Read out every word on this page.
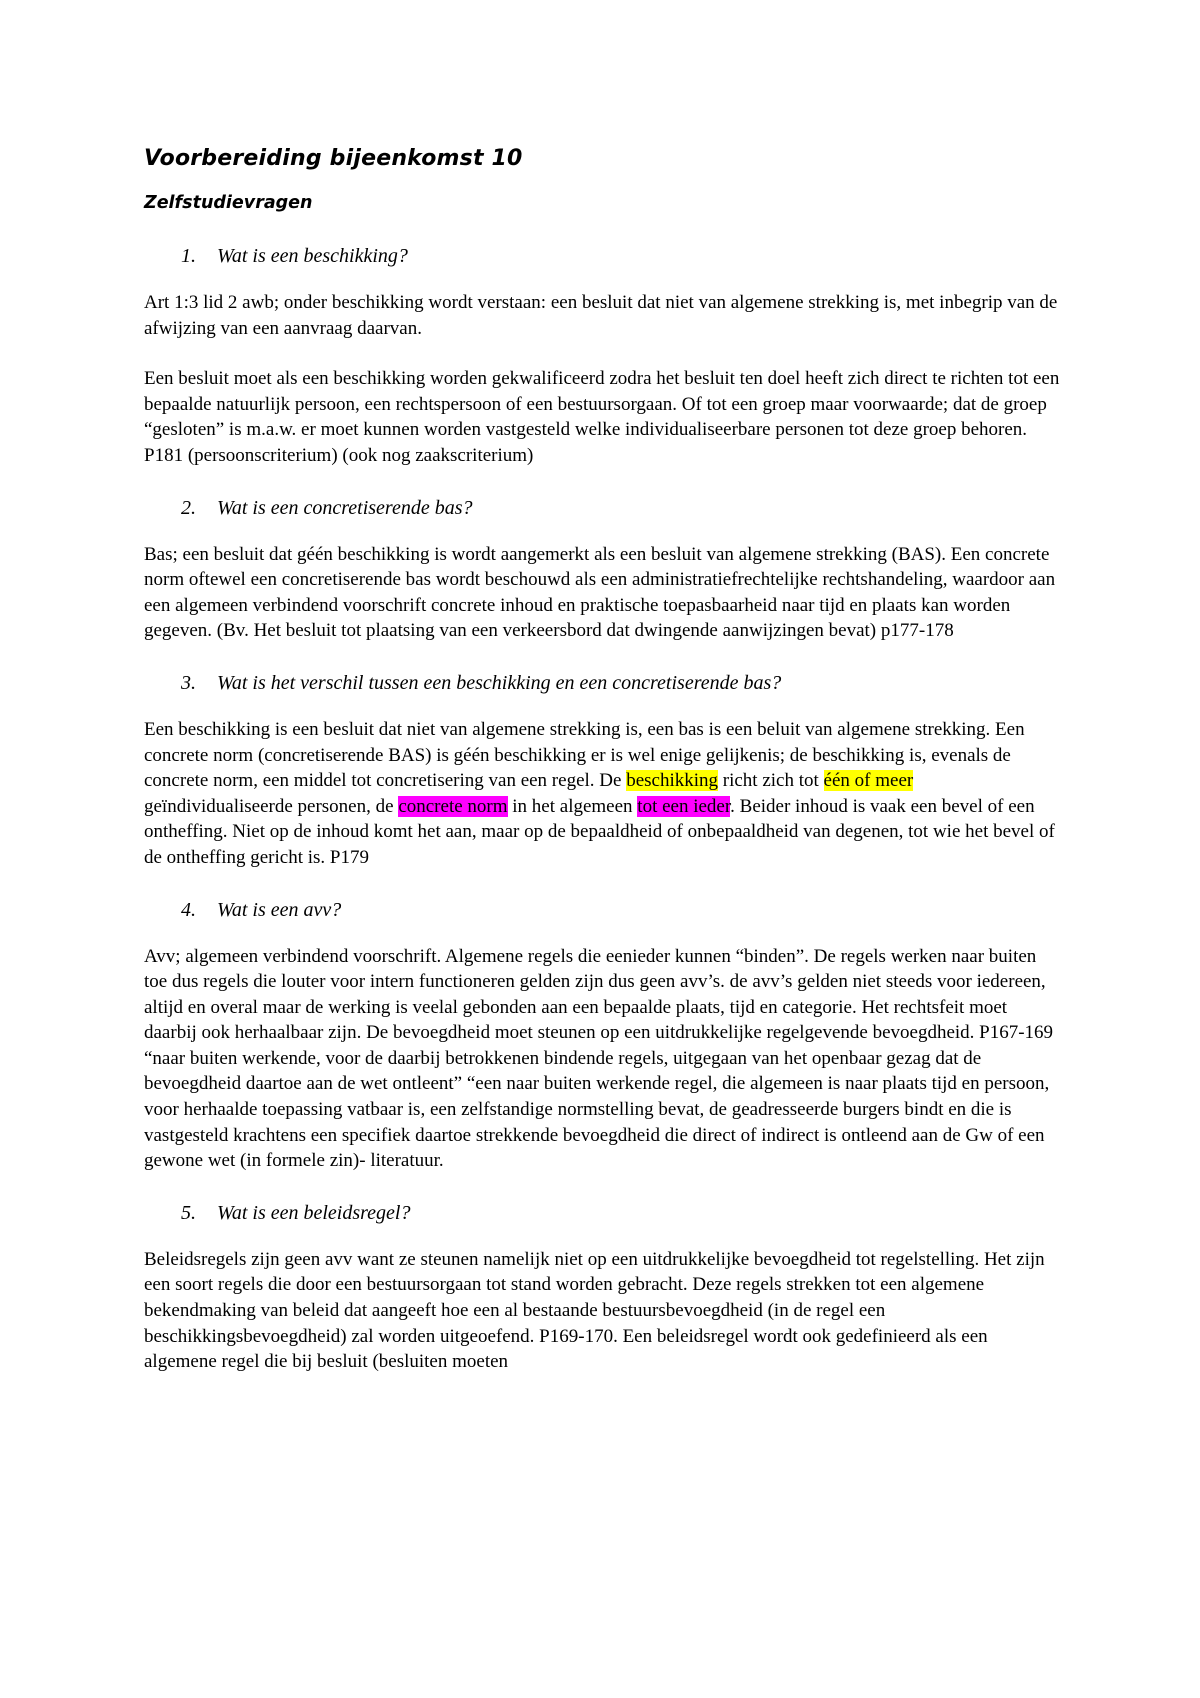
Voorbereiding bijeenkomst 10
Zelfstudievragen
1.	Wat is een beschikking?

Art 1:3 lid 2 awb; onder beschikking wordt verstaan: een besluit dat niet van algemene strekking is, met inbegrip van de afwijzing van een aanvraag daarvan.

Een besluit moet als een beschikking worden gekwalificeerd zodra het besluit ten doel heeft zich direct te richten tot een bepaalde natuurlijk persoon, een rechtspersoon of een bestuursorgaan. Of tot een groep maar voorwaarde; dat de groep “gesloten” is m.a.w. er moet kunnen worden vastgesteld welke individualiseerbare personen tot deze groep behoren. P181 (persoonscriterium) (ook nog zaakscriterium)

2.	Wat is een concretiserende bas?

Bas; een besluit dat géén beschikking is wordt aangemerkt als een besluit van algemene strekking (BAS). Een concrete norm oftewel een concretiserende bas wordt beschouwd als een administratiefrechtelijke rechtshandeling, waardoor aan een algemeen verbindend voorschrift concrete inhoud en praktische toepasbaarheid naar tijd en plaats kan worden gegeven. (Bv. Het besluit tot plaatsing van een verkeersbord dat dwingende aanwijzingen bevat) p177-178

3.	Wat is het verschil tussen een beschikking en een concretiserende bas?

Een beschikking is een besluit dat niet van algemene strekking is, een bas is een beluit van algemene strekking. Een concrete norm (concretiserende BAS) is géén beschikking er is wel enige gelijkenis; de beschikking is, evenals de concrete norm, een middel tot concretisering van een regel. De beschikking richt zich tot één of meer geïndividualiseerde personen, de concrete norm in het algemeen tot een ieder. Beider inhoud is vaak een bevel of een ontheffing. Niet op de inhoud komt het aan, maar op de bepaaldheid of onbepaaldheid van degenen, tot wie het bevel of de ontheffing gericht is. P179

4.	Wat is een avv?

Avv; algemeen verbindend voorschrift. Algemene regels die eenieder kunnen “binden”. De regels werken naar buiten toe dus regels die louter voor intern functioneren gelden zijn dus geen avv’s. de avv’s gelden niet steeds voor iedereen, altijd en overal maar de werking is veelal gebonden aan een bepaalde plaats, tijd en categorie. Het rechtsfeit moet daarbij ook herhaalbaar zijn. De bevoegdheid moet steunen op een uitdrukkelijke regelgevende bevoegdheid. P167-169 “naar buiten werkende, voor de daarbij betrokkenen bindende regels, uitgegaan van het openbaar gezag dat de bevoegdheid daartoe aan de wet ontleent” “een naar buiten werkende regel, die algemeen is naar plaats tijd en persoon, voor herhaalde toepassing vatbaar is, een zelfstandige normstelling bevat, de geadresseerde burgers bindt en die is vastgesteld krachtens een specifiek daartoe strekkende bevoegdheid die direct of indirect is ontleend aan de Gw of een gewone wet (in formele zin)- literatuur.

5.	Wat is een beleidsregel?

Beleidsregels zijn geen avv want ze steunen namelijk niet op een uitdrukkelijke bevoegdheid tot regelstelling. Het zijn een soort regels die door een bestuursorgaan tot stand worden gebracht. Deze regels strekken tot een algemene bekendmaking van beleid dat aangeeft hoe een al bestaande bestuursbevoegdheid (in de regel een beschikkingsbevoegdheid) zal worden uitgeoefend. P169-170. Een beleidsregel wordt ook gedefinieerd als een algemene regel die bij besluit (besluiten moeten
